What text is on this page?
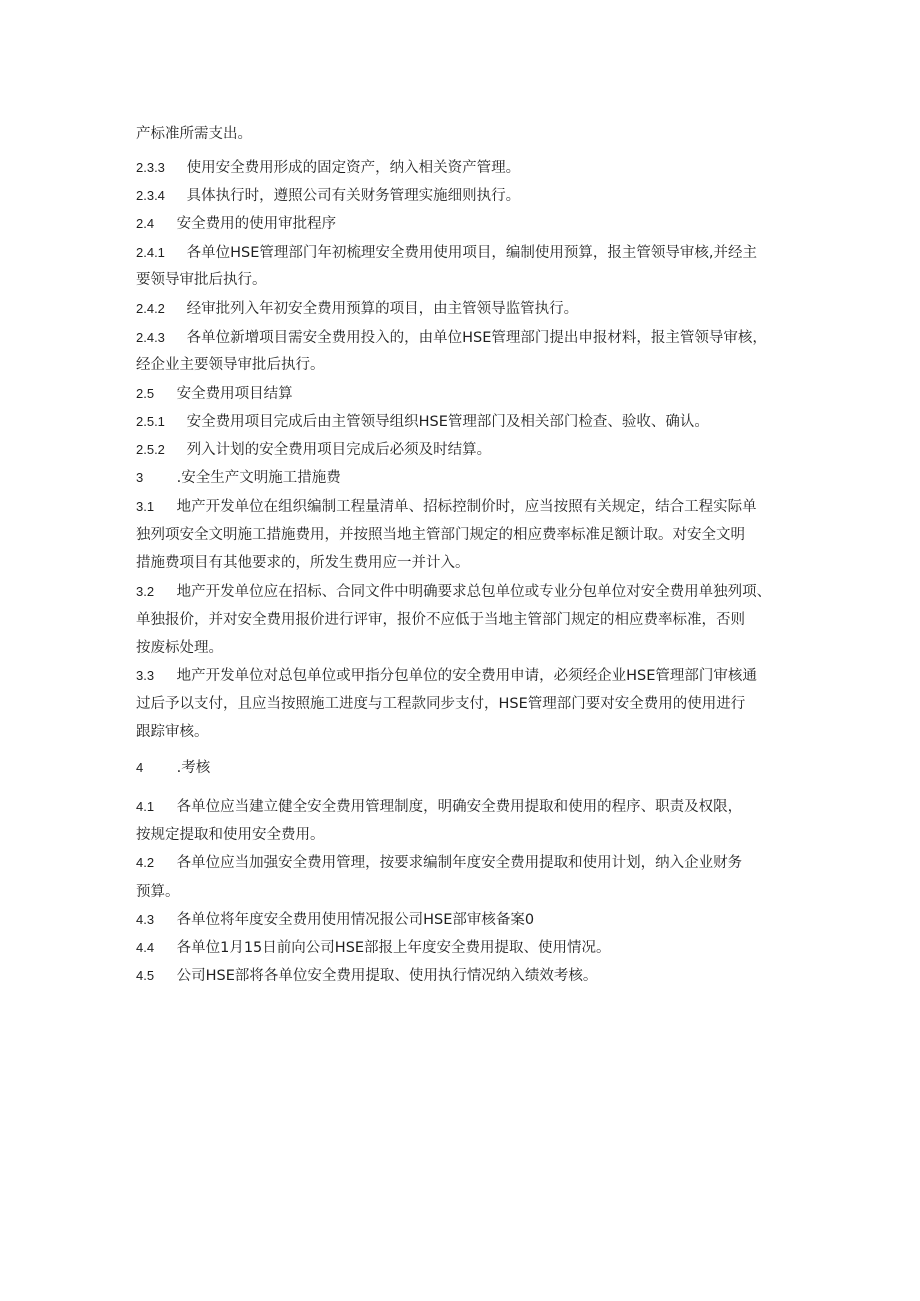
产标准所需支出。
2.3.3 使用安全费用形成的固定资产，纳入相关资产管理。
2.3.4 具体执行时，遵照公司有关财务管理实施细则执行。
2.4 安全费用的使用审批程序
2.4.1 各单位HSE管理部门年初梳理安全费用使用项目，编制使用预算，报主管领导审核,并经主
要领导审批后执行。
2.4.2 经审批列入年初安全费用预算的项目，由主管领导监管执行。
2.4.3 各单位新增项目需安全费用投入的，由单位HSE管理部门提出申报材料，报主管领导审核，
经企业主要领导审批后执行。
2.5 安全费用项目结算
2.5.1 安全费用项目完成后由主管领导组织HSE管理部门及相关部门检查、验收、确认。
2.5.2 列入计划的安全费用项目完成后必须及时结算。
3 .安全生产文明施工措施费
3.1 地产开发单位在组织编制工程量清单、招标控制价时，应当按照有关规定，结合工程实际单
独列项安全文明施工措施费用，并按照当地主管部门规定的相应费率标准足额计取。对安全文明
措施费项目有其他要求的，所发生费用应一并计入。
3.2 地产开发单位应在招标、合同文件中明确要求总包单位或专业分包单位对安全费用单独列项、
单独报价，并对安全费用报价进行评审，报价不应低于当地主管部门规定的相应费率标准，否则
按废标处理。
3.3 地产开发单位对总包单位或甲指分包单位的安全费用申请，必须经企业HSE管理部门审核通
过后予以支付，且应当按照施工进度与工程款同步支付，HSE管理部门要对安全费用的使用进行
跟踪审核。
4 .考核
4.1 各单位应当建立健全安全费用管理制度，明确安全费用提取和使用的程序、职责及权限，
按规定提取和使用安全费用。
4.2 各单位应当加强安全费用管理，按要求编制年度安全费用提取和使用计划，纳入企业财务
预算。
4.3 各单位将年度安全费用使用情况报公司HSE部审核备案0
4.4 各单位1月15日前向公司HSE部报上年度安全费用提取、使用情况。
4.5 公司HSE部将各单位安全费用提取、使用执行情况纳入绩效考核。
